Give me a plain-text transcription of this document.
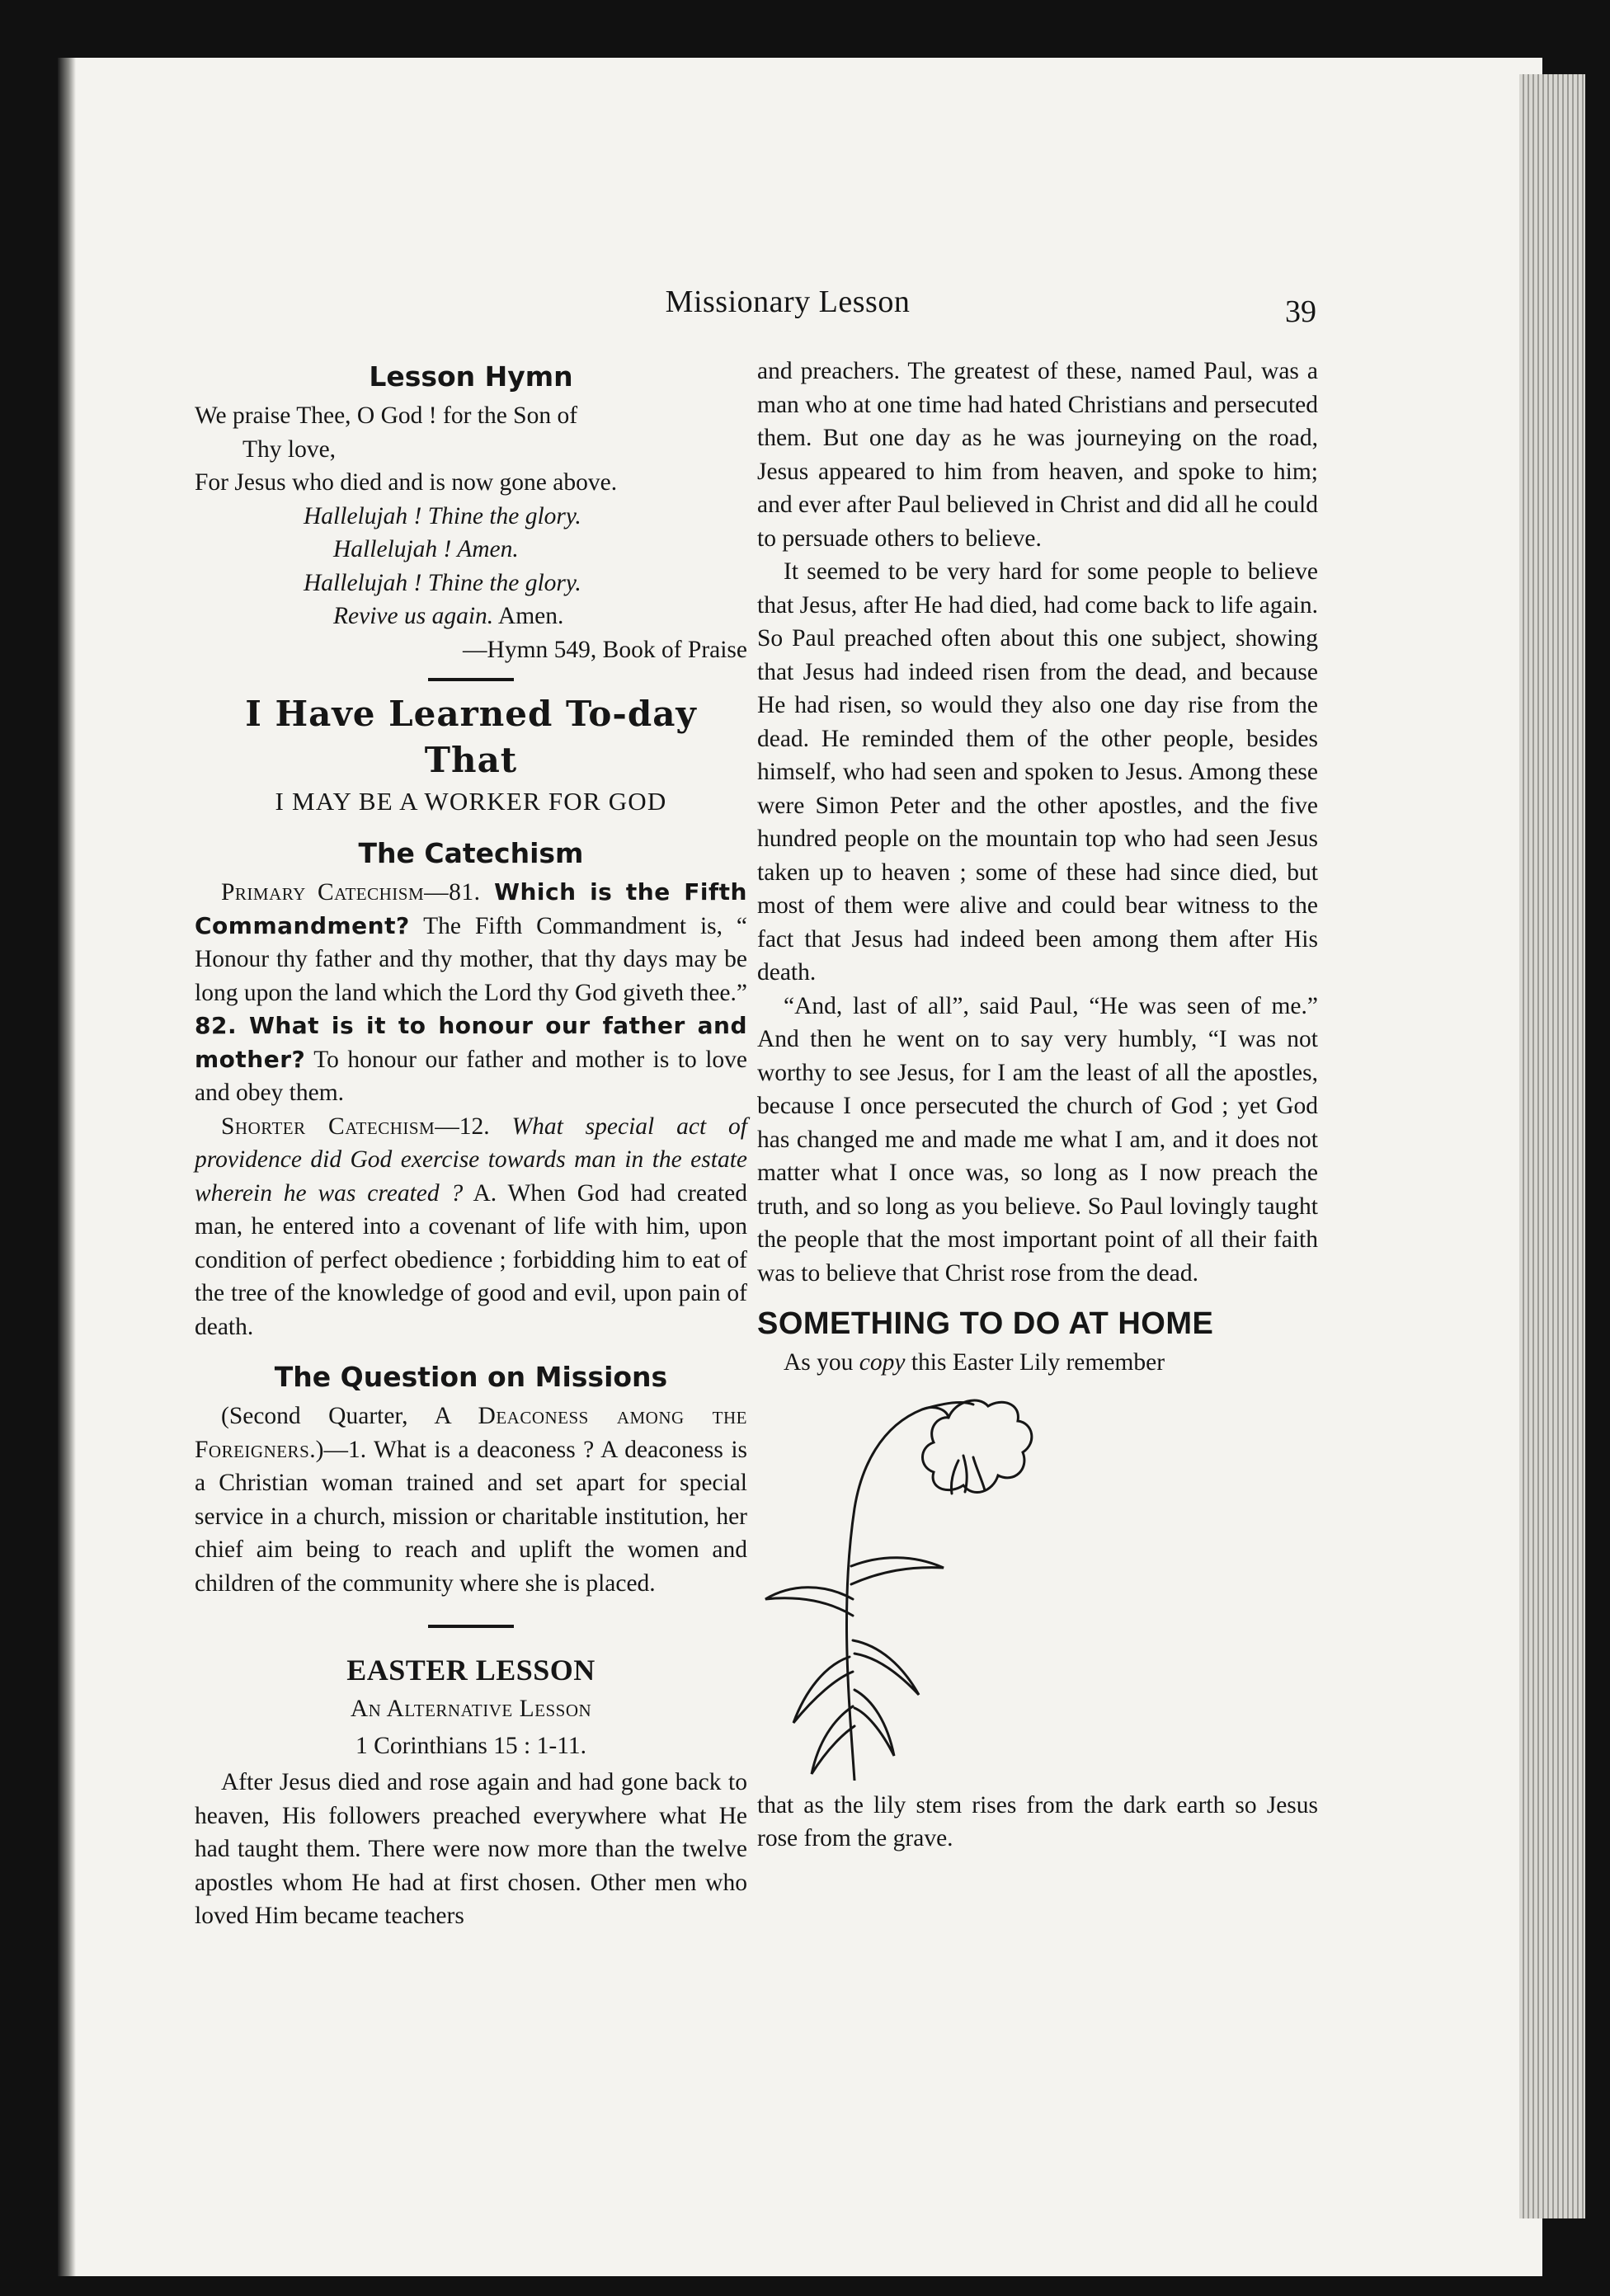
Missionary Lesson	39
Lesson Hymn
We praise Thee, O God ! for the Son of
Thy love,
For Jesus who died and is now gone above.
Hallelujah ! Thine the glory.
Hallelujah ! Amen.
Hallelujah ! Thine the glory.
Revive us again. Amen.
—Hymn 549, Book of Praise
I Have Learned To-day That
I MAY BE A WORKER FOR GOD
The Catechism

Primary Catechism—81. Which is the Fifth Commandment? The Fifth Commandment is, “ Honour thy father and thy mother, that thy days may be long upon the land which the Lord thy God giveth thee.” 82. What is it to honour our father and mother? To honour our father and mother is to love and obey them.

Shorter Catechism—12. What special act of providence did God exercise towards man in the estate wherein he was created ? A. When God had created man, he entered into a covenant of life with him, upon condition of perfect obedience ; forbidding him to eat of the tree of the knowledge of good and evil, upon pain of death.

The Question on Missions

(Second Quarter, A Deaconess among the Foreigners.)—1. What is a deaconess ? A deaconess is a Christian woman trained and set apart for special service in a church, mission or charitable institution, her chief aim being to reach and uplift the women and children of the community where she is placed.

EASTER LESSON
An Alternative Lesson
1 Corinthians 15 : 1-11.

After Jesus died and rose again and had gone back to heaven, His followers preached everywhere what He had taught them. There were now more than the twelve apostles whom He had at first chosen. Other men who loved Him became teachers

and preachers. The greatest of these, named Paul, was a man who at one time had hated Christians and persecuted them. But one day as he was journeying on the road, Jesus appeared to him from heaven, and spoke to him; and ever after Paul believed in Christ and did all he could to persuade others to believe.

It seemed to be very hard for some people to believe that Jesus, after He had died, had come back to life again. So Paul preached often about this one subject, showing that Jesus had indeed risen from the dead, and because He had risen, so would they also one day rise from the dead. He reminded them of the other people, besides himself, who had seen and spoken to Jesus. Among these were Simon Peter and the other apostles, and the five hundred people on the mountain top who had seen Jesus taken up to heaven ; some of these had since died, but most of them were alive and could bear witness to the fact that Jesus had indeed been among them after His death.

“And, last of all”, said Paul, “He was seen of me.” And then he went on to say very humbly, “I was not worthy to see Jesus, for I am the least of all the apostles, because I once persecuted the church of God ; yet God has changed me and made me what I am, and it does not matter what I once was, so long as I now preach the truth, and so long as you believe. So Paul lovingly taught the people that the most important point of all their faith was to believe that Christ rose from the dead.

SOMETHING TO DO AT HOME

As you copy this Easter Lily remember

that as the lily stem rises from the dark earth so Jesus rose from the grave.
